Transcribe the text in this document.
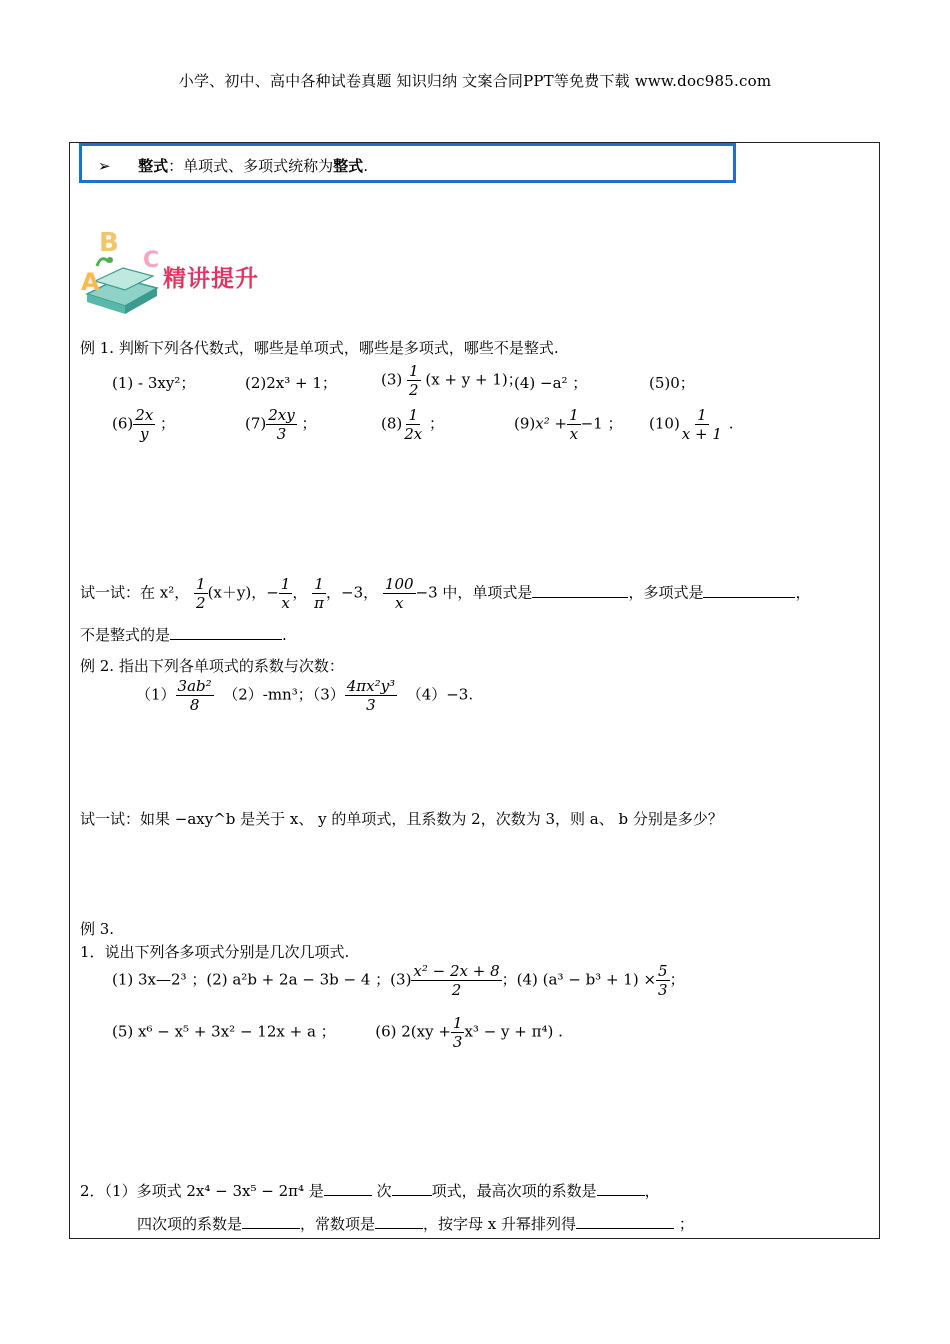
小学、初中、高中各种试卷真题 知识归纳 文案合同PPT等免费下载 www.doc985.com
➢ 整式：单项式、多项式统称为整式.
B
C
A	精讲提升
例 1. 判断下列各代数式，哪些是单项式，哪些是多项式，哪些不是整式.
(1) - 3xy²；	(2)2x³ + 1；	$(3) \frac{1}{2} (x + y + 1)$；
(4) −a² ；	(5)0；
$(6) \frac{2x}{y}$ ；	$(7) \frac{2xy}{3}$ ；	$(8) \frac{1}{2x}$ ；	$(9)x^2 + \frac{1}{x} -1$ ； $(10) \frac{1}{x + 1}$ .
试一试：在 x²， $\frac{1}{2} (x+y)$，− $\frac{1}{x}$ ， $\frac{1}{\pi}$ ，−3， $\frac{100}{x} -3$ 中，单项式是	，多项式是	，
不是整式的是	.
例 2. 指出下列各单项式的系数与次数：
$(1) \frac{\text{3ab²}}{8} (2)-mn^3$；$(3) \frac{\text{4πx²y³}}{3} (4)-3$.
试一试：如果 −axy^b 是关于 x、 y 的单项式，且系数为 2，次数为 3，则 a、 b 分别是多少？
例 3.
1．说出下列各多项式分别是几次几项式.
(1) 3x—2³ ；(2) a²b + 2a − 3b − 4 ；$(3) \frac{\text{x² − 2x + 8}}{2}$ ；(4) $(a^3 - b^3 + 1) \times \frac{5}{3}$ ；
(5) x⁶ − x⁵ + 3x² − 12x + a ；	(6) $2(xy + \frac{1}{3} x^3 - y + \pi^4)$ .
2．（1）多项式 2x⁴ − 3x⁵ − 2π⁴ 是	次	项式，最高次项的系数是	，
四次项的系数是	，常数项是	，按字母 x 升幂排列得	；
